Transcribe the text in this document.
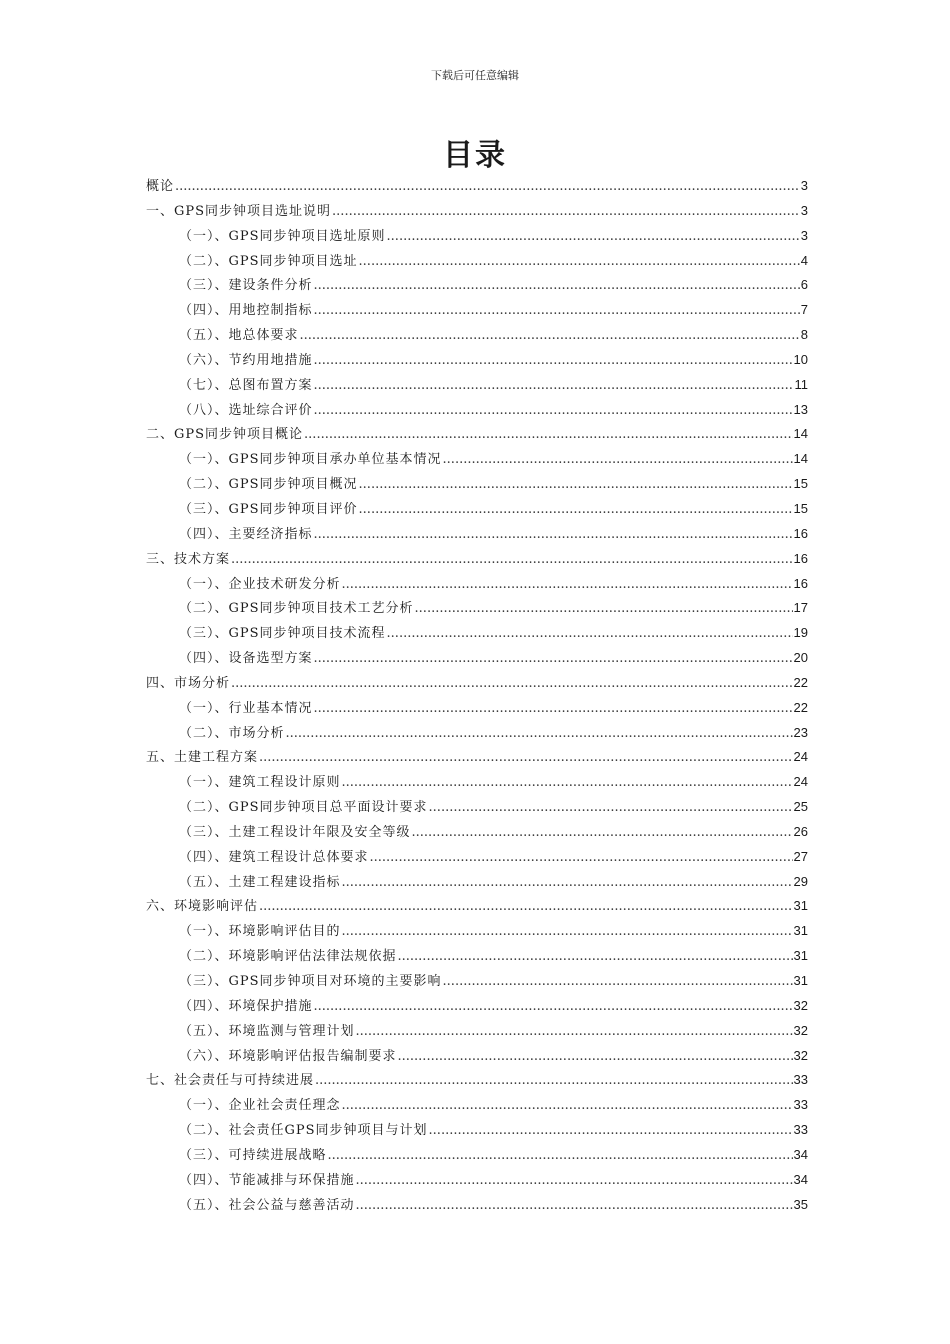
下载后可任意编辑
目录
概论 .....	3
一、GPS同步钟项目选址说明 .....	3
（一）、GPS同步钟项目选址原则 .....	3
（二）、GPS同步钟项目选址 .....	4
（三）、建设条件分析 .....	6
（四）、用地控制指标 .....	7
（五）、地总体要求 .....	8
（六）、节约用地措施 .....	10
（七）、总图布置方案 .....	11
（八）、选址综合评价 .....	13
二、GPS同步钟项目概论 .....	14
（一）、GPS同步钟项目承办单位基本情况 .....	14
（二）、GPS同步钟项目概况 .....	15
（三）、GPS同步钟项目评价 .....	15
（四）、主要经济指标 .....	16
三、技术方案 .....	16
（一）、企业技术研发分析 .....	16
（二）、GPS同步钟项目技术工艺分析 .....	17
（三）、GPS同步钟项目技术流程 .....	19
（四）、设备选型方案 .....	20
四、市场分析 .....	22
（一）、行业基本情况 .....	22
（二）、市场分析 .....	23
五、土建工程方案 .....	24
（一）、建筑工程设计原则 .....	24
（二）、GPS同步钟项目总平面设计要求 .....	25
（三）、土建工程设计年限及安全等级 .....	26
（四）、建筑工程设计总体要求 .....	27
（五）、土建工程建设指标 .....	29
六、环境影响评估 .....	31
（一）、环境影响评估目的 .....	31
（二）、环境影响评估法律法规依据 .....	31
（三）、GPS同步钟项目对环境的主要影响 .....	31
（四）、环境保护措施 .....	32
（五）、环境监测与管理计划 .....	32
（六）、环境影响评估报告编制要求 .....	32
七、社会责任与可持续进展 .....	33
（一）、企业社会责任理念 .....	33
（二）、社会责任GPS同步钟项目与计划 .....	33
（三）、可持续进展战略 .....	34
（四）、节能减排与环保措施 .....	34
（五）、社会公益与慈善活动 .....	35
